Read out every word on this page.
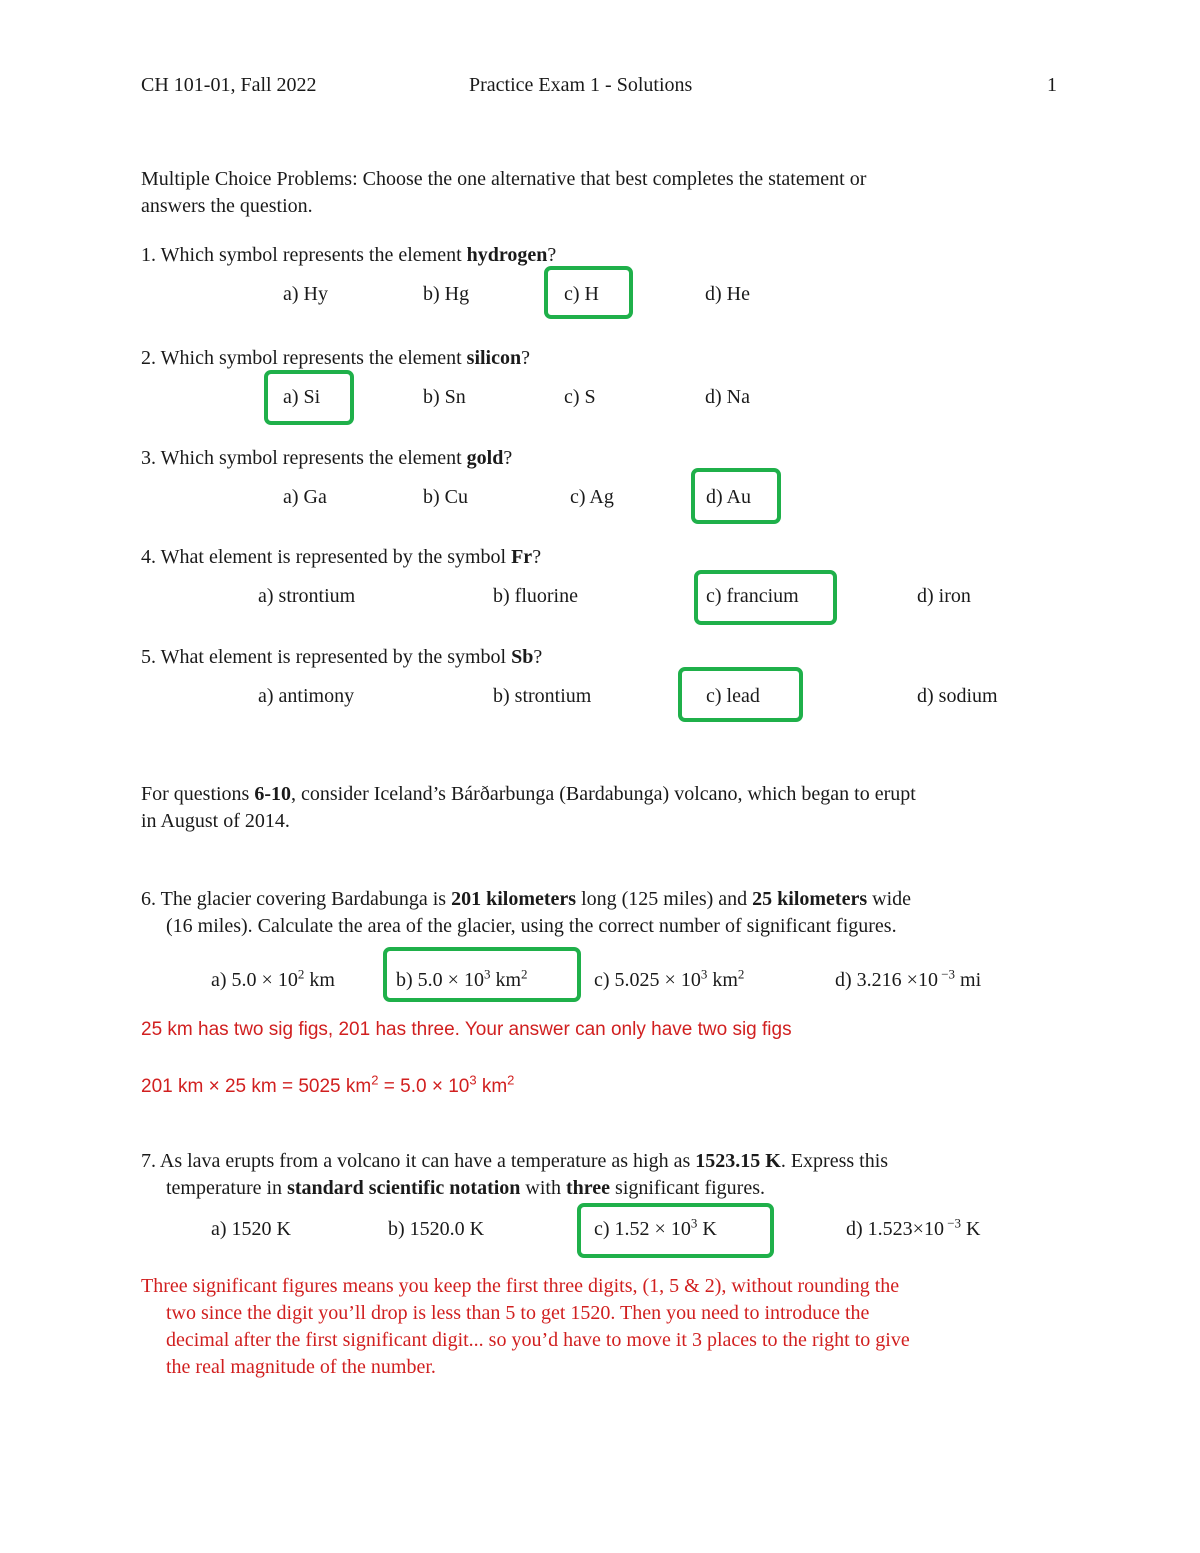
CH 101-01, Fall 2022	Practice Exam 1 - Solutions	1
Multiple Choice Problems: Choose the one alternative that best completes the statement or
answers the question.
1. Which symbol represents the element hydrogen?
a) Hy	b) Hg	c) H	d) He
2. Which symbol represents the element silicon?
a) Si	b) Sn	c) S	d) Na
3. Which symbol represents the element gold?
a) Ga	b) Cu	c) Ag	d) Au
4. What element is represented by the symbol Fr?
a) strontium	b) fluorine	c) francium	d) iron
5. What element is represented by the symbol Sb?
a) antimony	b) strontium	c) lead	d) sodium
For questions 6-10, consider Iceland’s Bárðarbunga (Bardabunga) volcano, which began to erupt
in August of 2014.
6. The glacier covering Bardabunga is 201 kilometers long (125 miles) and 25 kilometers wide
(16 miles). Calculate the area of the glacier, using the correct number of significant figures.
a) $5.0 \times 10^2$ km	b) $5.0 \times 10^3$ $km^2$	c) $5.025 \times 10^3$ $km^2$	d) 3.216 ×10 $^{-3}$ mi
25 km has two sig figs, 201 has three. Your answer can only have two sig figs
201 km × 25 km = 5025 $km^2 = 5.0 \times 10^3$ $km^2$
7. As lava erupts from a volcano it can have a temperature as high as 1523.15 K. Express this
temperature in standard scientific notation with three significant figures.
a) 1520 K	b) 1520.0 K	c) $1.52 \times 10^3$ K	d) 1.523×10 $^{-3}$ K
Three significant figures means you keep the first three digits, (1, 5 & 2), without rounding the
two since the digit you’ll drop is less than 5 to get 1520. Then you need to introduce the
decimal after the first significant digit... so you’d have to move it 3 places to the right to give
the real magnitude of the number.
